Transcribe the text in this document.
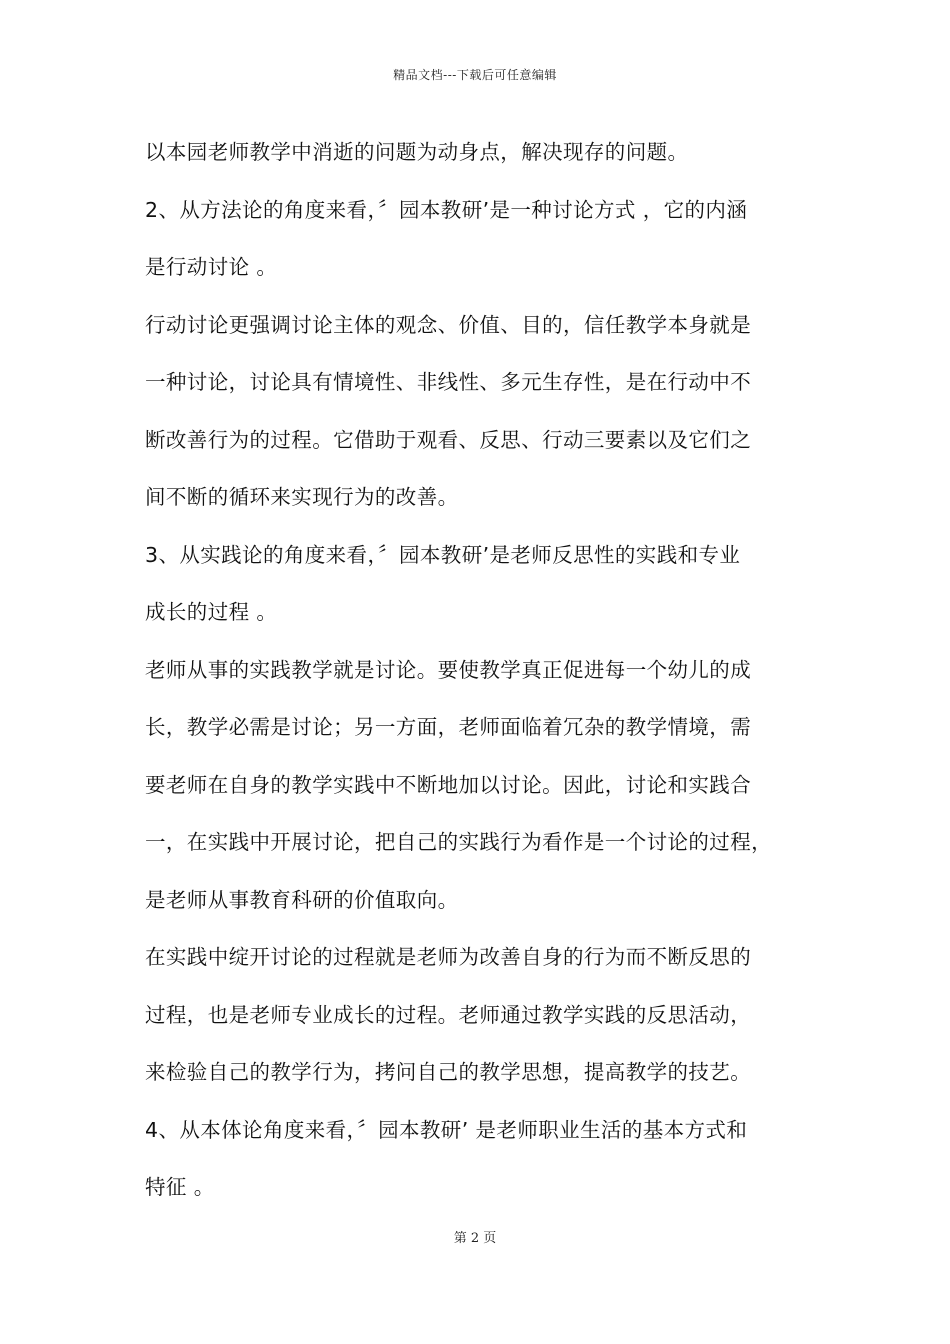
精品文档---下载后可任意编辑
以本园老师教学中消逝的问题为动身点，解决现存的问题。
2、从方法论的角度来看，〞园本教研’是一种讨论方式 ，它的内涵
是行动讨论 。
行动讨论更强调讨论主体的观念、价值、目的，信任教学本身就是
一种讨论，讨论具有情境性、非线性、多元生存性，是在行动中不
断改善行为的过程。它借助于观看、反思、行动三要素以及它们之
间不断的循环来实现行为的改善。
3、从实践论的角度来看，〞园本教研’是老师反思性的实践和专业
成长的过程 。
老师从事的实践教学就是讨论。要使教学真正促进每一个幼儿的成
长，教学必需是讨论；另一方面，老师面临着冗杂的教学情境，需
要老师在自身的教学实践中不断地加以讨论。因此，讨论和实践合
一，在实践中开展讨论，把自己的实践行为看作是一个讨论的过程，
是老师从事教育科研的价值取向。
在实践中绽开讨论的过程就是老师为改善自身的行为而不断反思的
过程，也是老师专业成长的过程。老师通过教学实践的反思活动，
来检验自己的教学行为，拷问自己的教学思想，提高教学的技艺。
4、从本体论角度来看，〞园本教研’ 是老师职业生活的基本方式和
特征 。
第 2 页
